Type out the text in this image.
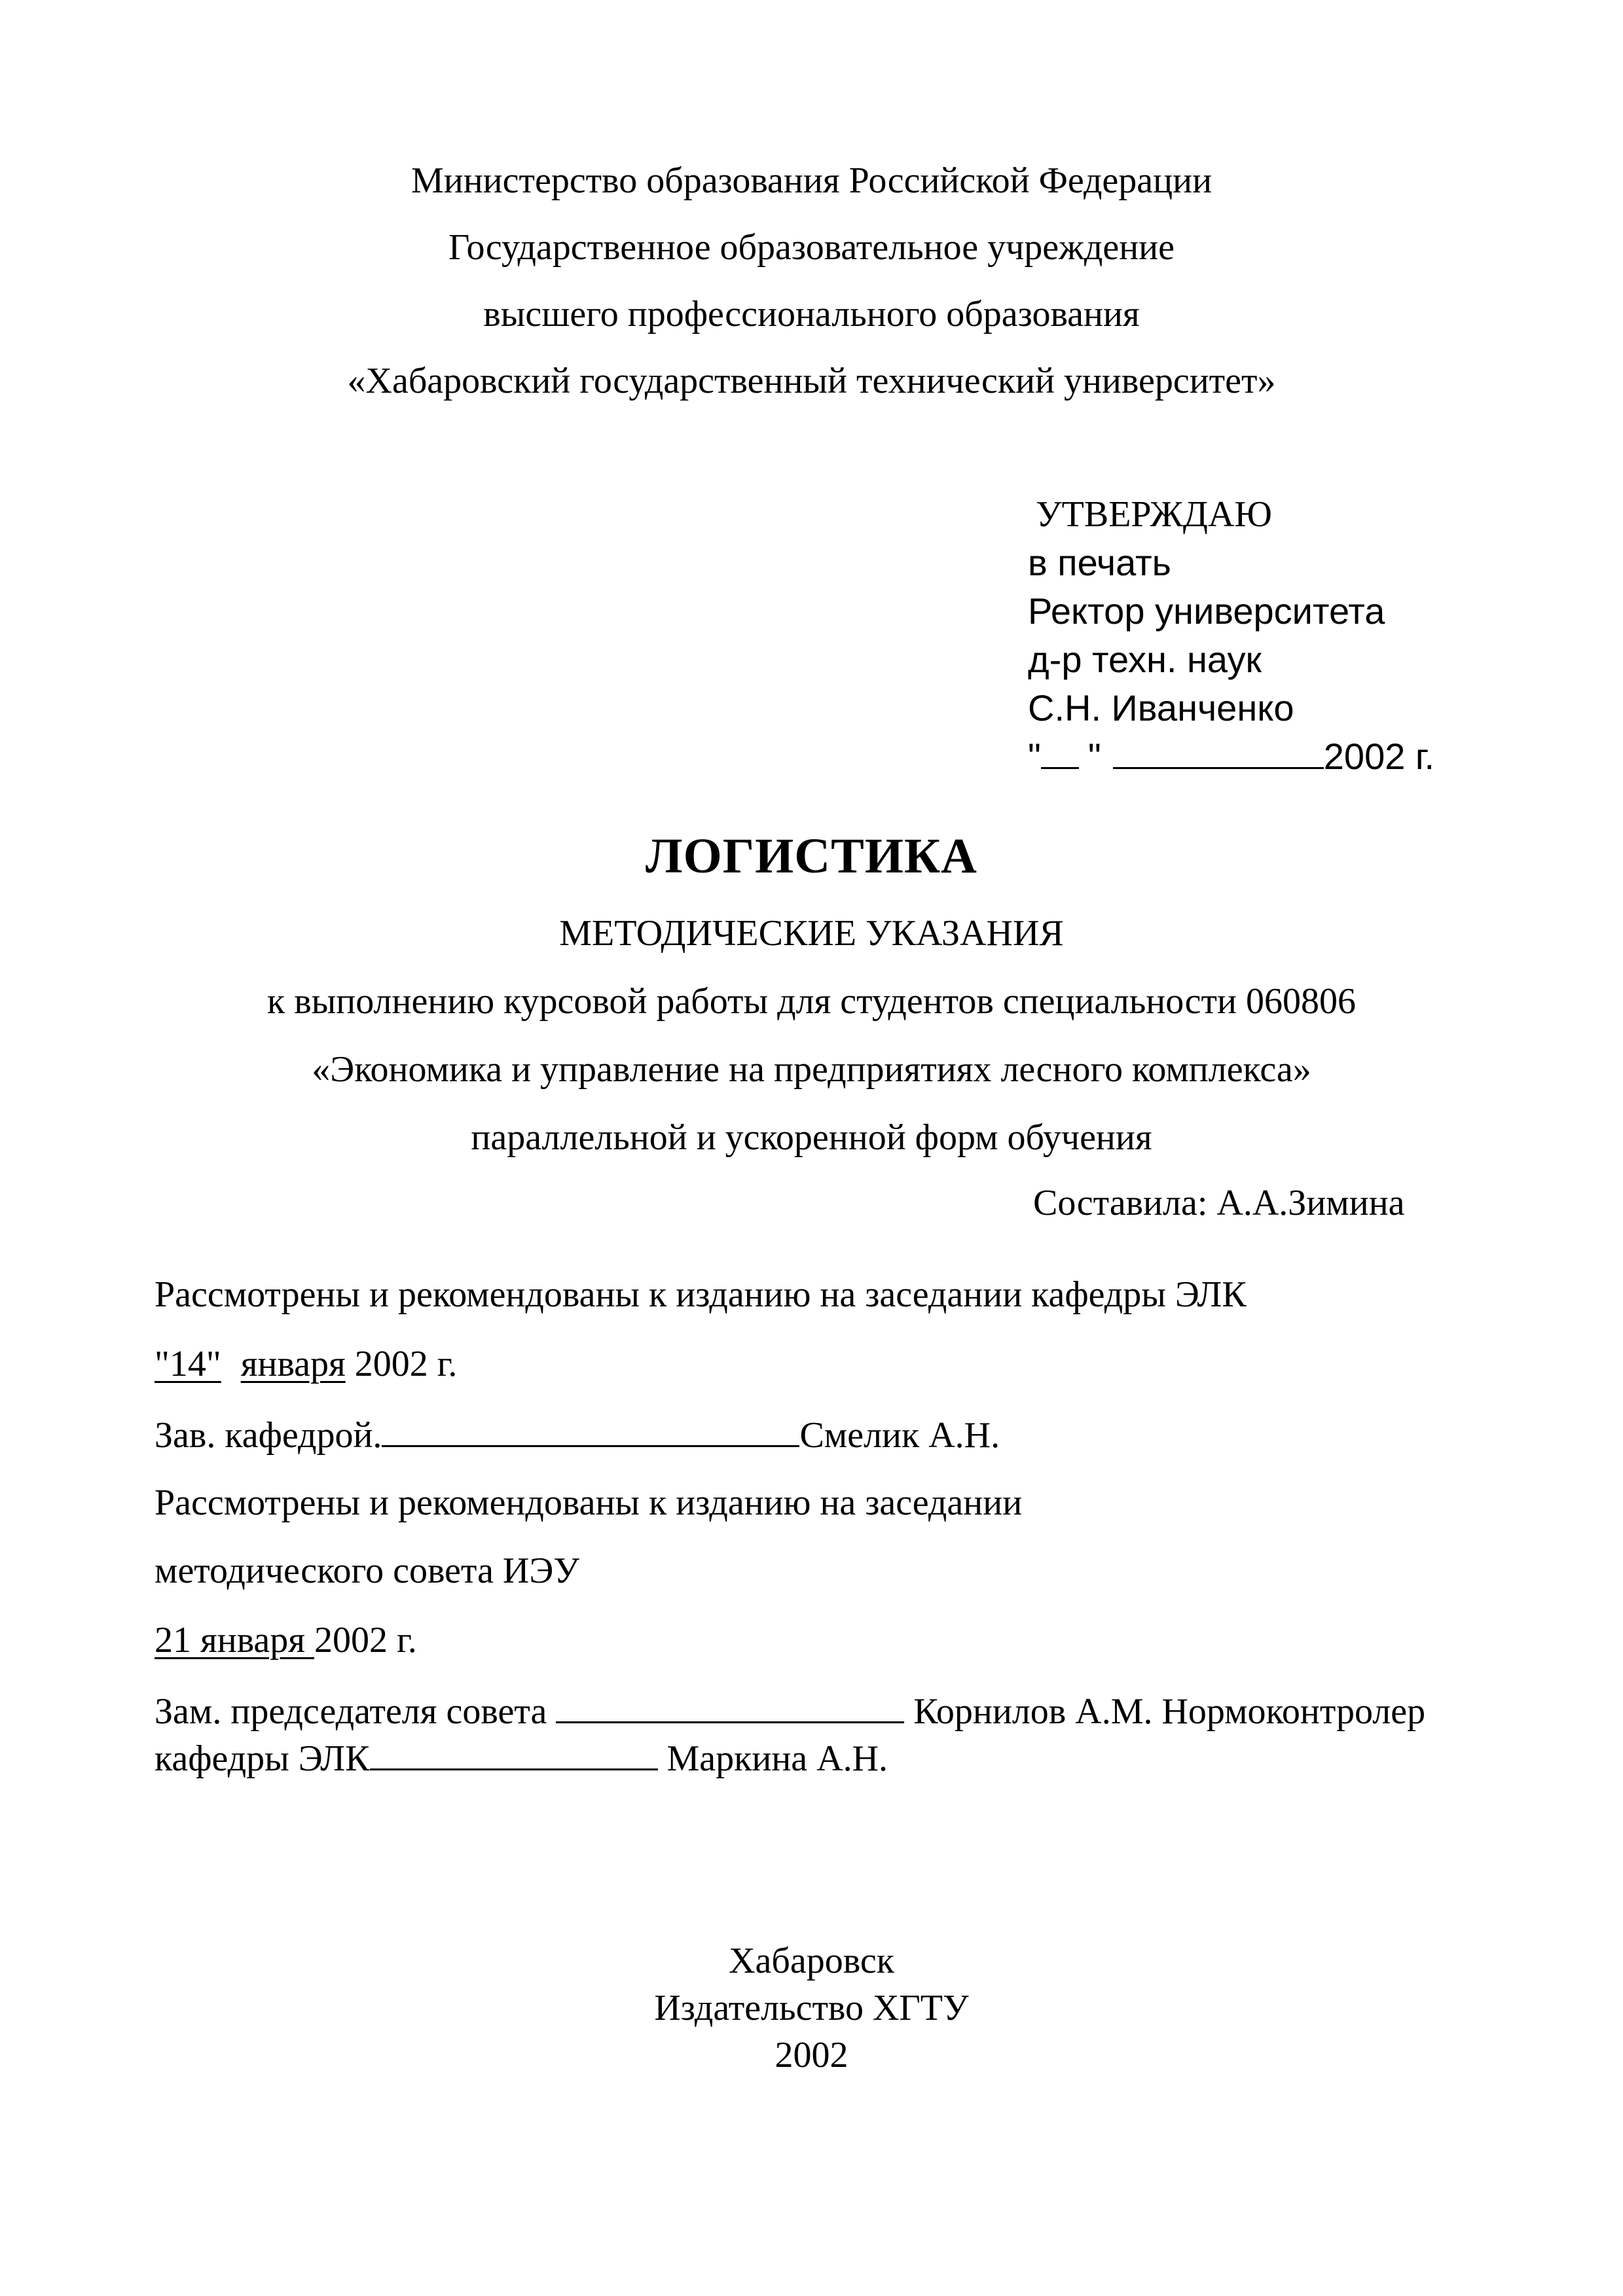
Министерство образования Российской Федерации
Государственное образовательное учреждение
высшего профессионального образования
«Хабаровский государственный технический университет»
УТВЕРЖДАЮ
в печать
Ректор университета
д-р техн. наук
С.Н. Иванченко
" "	2002 г.
ЛОГИСТИКА
МЕТОДИЧЕСКИЕ УКАЗАНИЯ
к выполнению курсовой работы для студентов специальности 060806
«Экономика и управление на предприятиях лесного комплекса»
параллельной и ускоренной форм обучения
Составила: А.А.Зимина
Рассмотрены и рекомендованы к изданию на заседании кафедры ЭЛК
"14" января 2002 г.
Зав. кафедрой.	Смелик А.Н.
Рассмотрены и рекомендованы к изданию на заседании
методического совета ИЭУ
21 января 2002 г.
Зам. председателя совета	Корнилов А.М. Нормоконтролер
кафедры ЭЛК	Маркина А.Н.
Хабаровск
Издательство ХГТУ
2002
